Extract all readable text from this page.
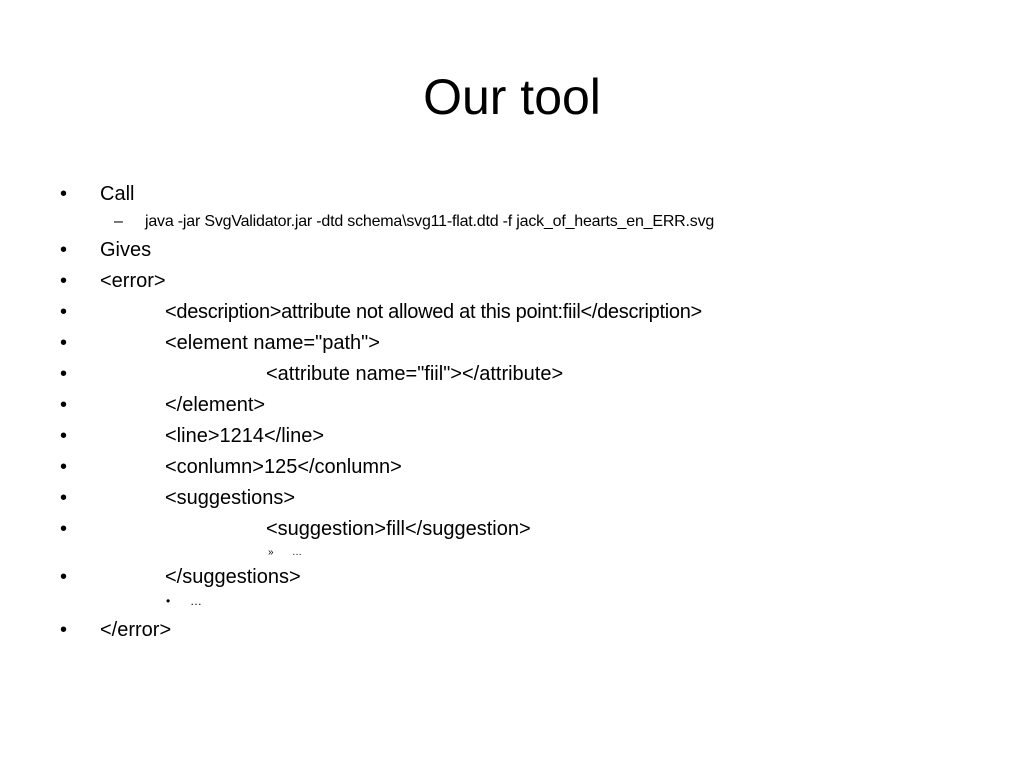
Our tool
• Call
– java -jar SvgValidator.jar -dtd schema\svg11-flat.dtd -f jack_of_hearts_en_ERR.svg
• Gives
• <error>
•	<description>attribute not allowed at this point:fiil</description>
•	<element name="path">
•	<attribute name="fiil"></attribute>
•	</element>
•	<line>1214</line>
•	<conlumn>125</conlumn>
•	<suggestions>
•	<suggestion>fill</suggestion>
» …
•	</suggestions>
• …
• </error>
